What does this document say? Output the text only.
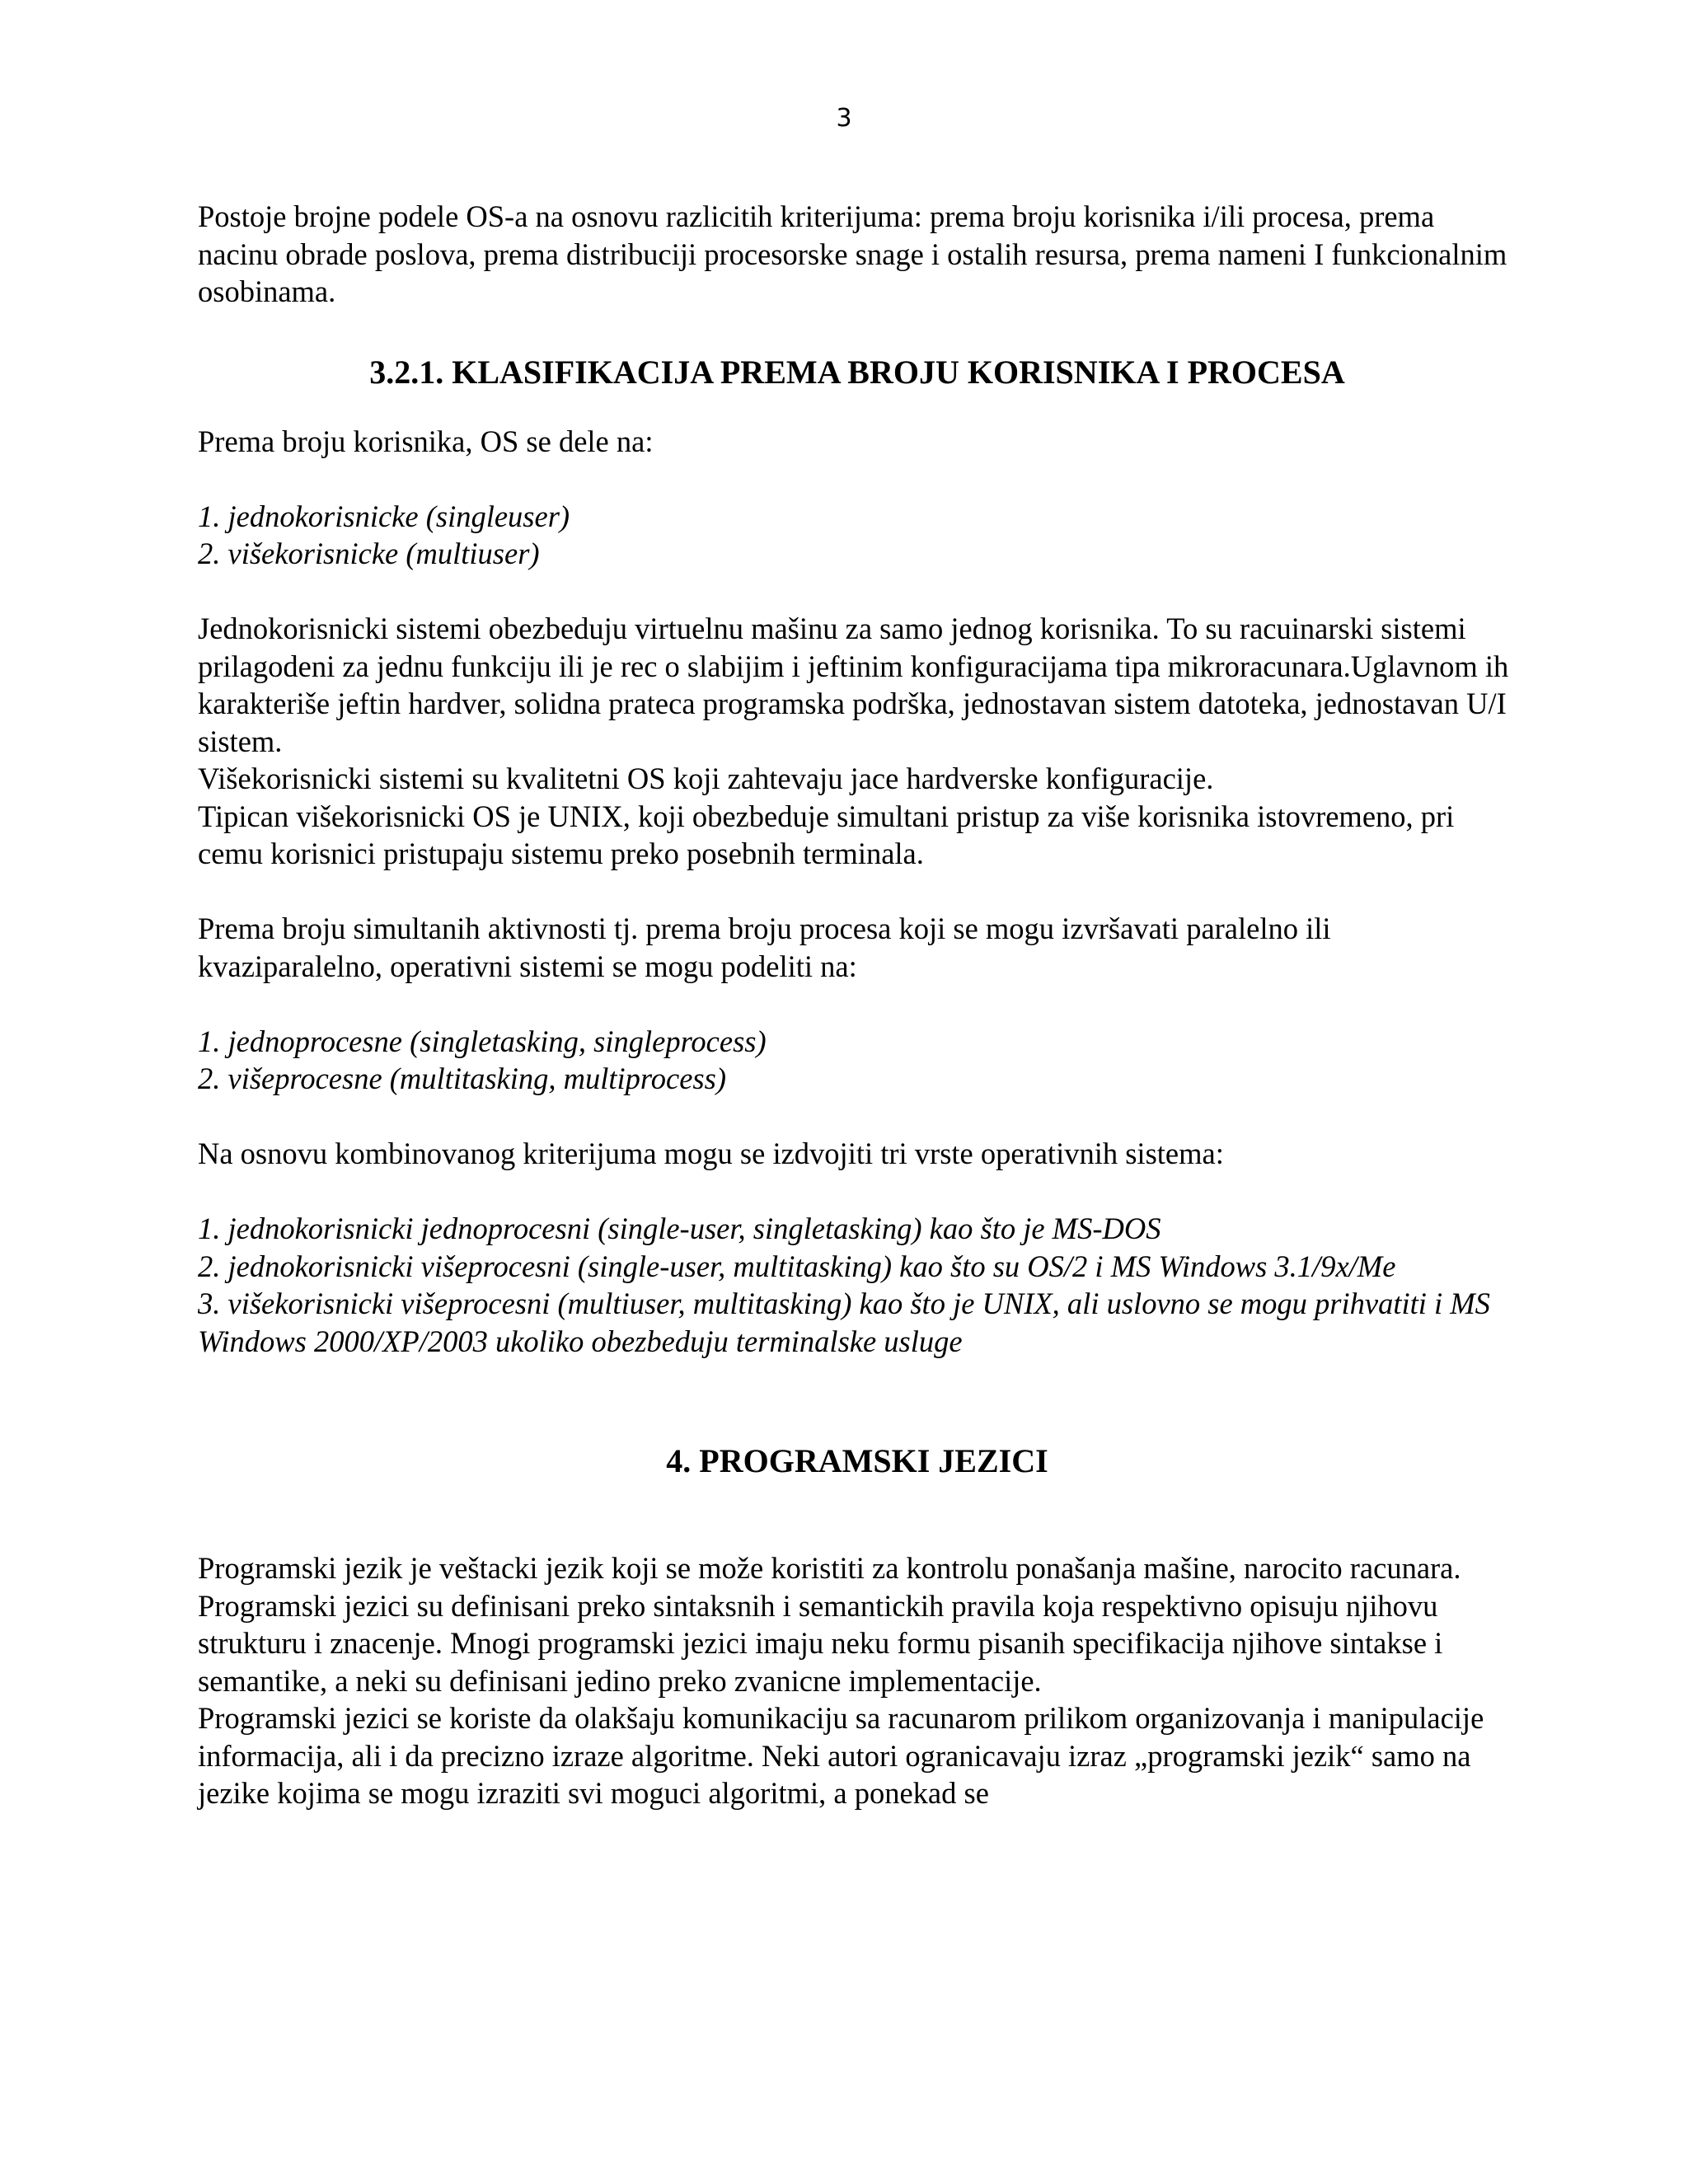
3

Postoje brojne podele OS-a na osnovu razlicitih kriterijuma: prema broju korisnika i/ili procesa, prema nacinu obrade poslova, prema distribuciji procesorske snage i ostalih resursa, prema nameni I funkcionalnim osobinama.

3.2.1. KLASIFIKACIJA PREMA BROJU KORISNIKA I PROCESA

Prema broju korisnika, OS se dele na:

1. jednokorisnicke (singleuser)

2. višekorisnicke (multiuser)

Jednokorisnicki sistemi obezbeduju virtuelnu mašinu za samo jednog korisnika. To su racuinarski sistemi prilagodeni za jednu funkciju ili je rec o slabijim i jeftinim konfiguracijama tipa mikroracunara.Uglavnom ih karakteriše jeftin hardver, solidna prateca programska podrška, jednostavan sistem datoteka, jednostavan U/I sistem.

Višekorisnicki sistemi su kvalitetni OS koji zahtevaju jace hardverske konfiguracije.

Tipican višekorisnicki OS je UNIX, koji obezbeduje simultani pristup za više korisnika istovremeno, pri cemu korisnici pristupaju sistemu preko posebnih terminala.

Prema broju simultanih aktivnosti tj. prema broju procesa koji se mogu izvršavati paralelno ili kvaziparalelno, operativni sistemi se mogu podeliti na:

1. jednoprocesne (singletasking, singleprocess)

2. višeprocesne (multitasking, multiprocess)

Na osnovu kombinovanog kriterijuma mogu se izdvojiti tri vrste operativnih sistema:

1. jednokorisnicki jednoprocesni (single-user, singletasking) kao što je MS-DOS

2. jednokorisnicki višeprocesni (single-user, multitasking) kao što su OS/2 i MS Windows 3.1/9x/Me

3. višekorisnicki višeprocesni (multiuser, multitasking) kao što je UNIX, ali uslovno se mogu prihvatiti i MS Windows 2000/XP/2003 ukoliko obezbeduju terminalske usluge

4. PROGRAMSKI JEZICI

Programski jezik je veštacki jezik koji se može koristiti za kontrolu ponašanja mašine, narocito racunara.

Programski jezici su definisani preko sintaksnih i semantickih pravila koja respektivno opisuju njihovu strukturu i znacenje. Mnogi programski jezici imaju neku formu pisanih specifikacija njihove sintakse i semantike, a neki su definisani jedino preko zvanicne implementacije.

Programski jezici se koriste da olakšaju komunikaciju sa racunarom prilikom organizovanja i manipulacije informacija, ali i da precizno izraze algoritme. Neki autori ogranicavaju izraz „programski jezik“ samo na jezike kojima se mogu izraziti svi moguci algoritmi, a ponekad se
